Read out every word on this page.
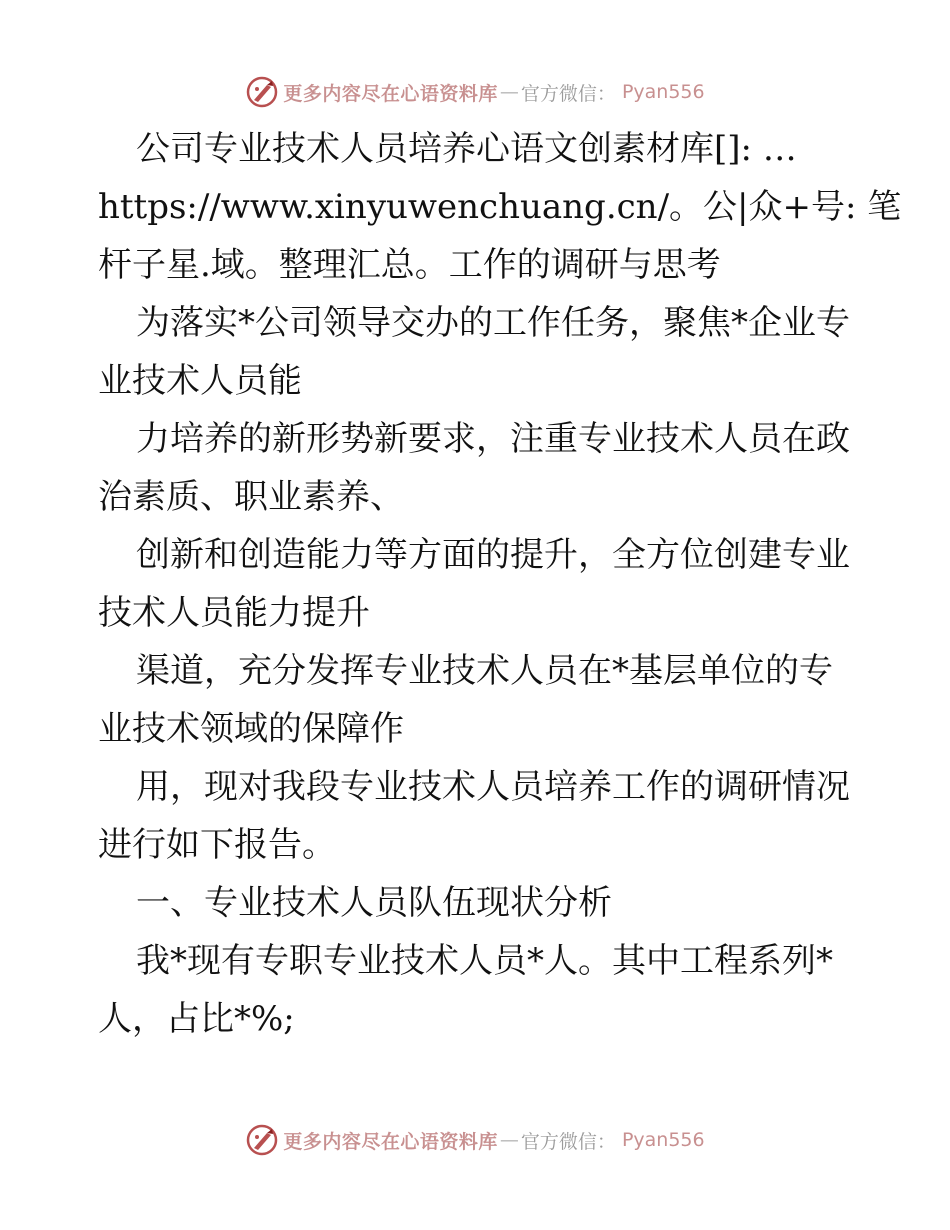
更多内容尽在心语资料库 — 官方微信： Pyan556
公司专业技术人员培养心语文创素材库[]: …
https://www.xinyuwenchuang.cn/。公|众+号: 笔
杆子星.域。整理汇总。工作的调研与思考
为落实*公司领导交办的工作任务，聚焦*企业专
业技术人员能
力培养的新形势新要求，注重专业技术人员在政
治素质、职业素养、
创新和创造能力等方面的提升，全方位创建专业
技术人员能力提升
渠道，充分发挥专业技术人员在*基层单位的专
业技术领域的保障作
用，现对我段专业技术人员培养工作的调研情况
进行如下报告。
一、专业技术人员队伍现状分析
我*现有专职专业技术人员*人。其中工程系列*
人，占比*%;
更多内容尽在心语资料库 — 官方微信： Pyan556
